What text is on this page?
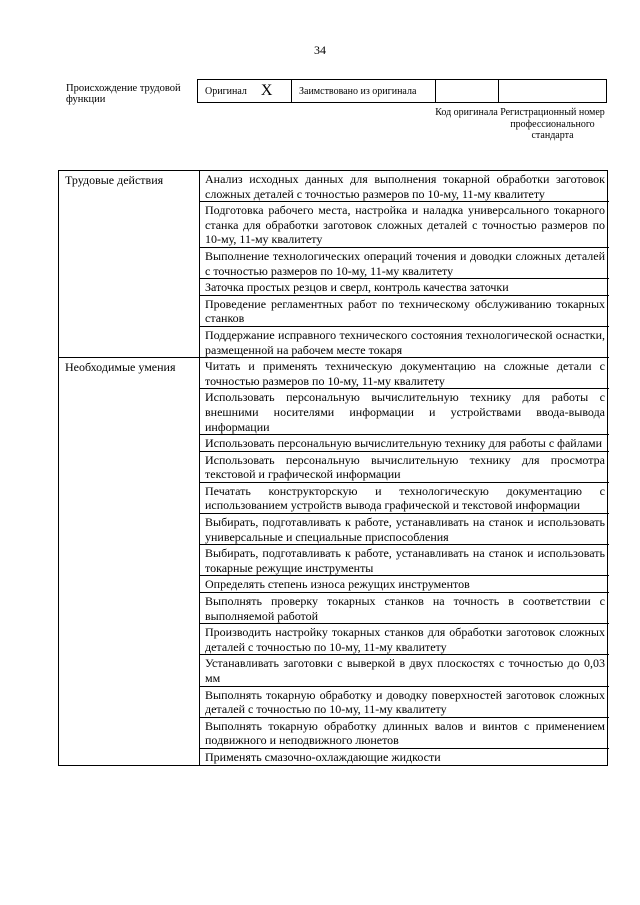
34
Происхождение трудовой функции
Оригинал X	Заимствовано из оригинала
Код оригинала Регистрационный номер профессионального стандарта
Трудовые действия	Анализ исходных данных для выполнения токарной обработки заготовок сложных деталей с точностью размеров по 10-му, 11-му квалитету
Подготовка рабочего места, настройка и наладка универсального токарного станка для обработки заготовок сложных деталей с точностью размеров по 10-му, 11-му квалитету
Выполнение технологических операций точения и доводки сложных деталей с точностью размеров по 10-му, 11-му квалитету
Заточка простых резцов и сверл, контроль качества заточки
Проведение регламентных работ по техническому обслуживанию токарных станков
Поддержание исправного технического состояния технологической оснастки, размещенной на рабочем месте токаря
Необходимые умения	Читать и применять техническую документацию на сложные детали с точностью размеров по 10-му, 11-му квалитету
Использовать персональную вычислительную технику для работы с внешними носителями информации и устройствами ввода-вывода информации
Использовать персональную вычислительную технику для работы с файлами
Использовать персональную вычислительную технику для просмотра текстовой и графической информации
Печатать конструкторскую и технологическую документацию с использованием устройств вывода графической и текстовой информации
Выбирать, подготавливать к работе, устанавливать на станок и использовать универсальные и специальные приспособления
Выбирать, подготавливать к работе, устанавливать на станок и использовать токарные режущие инструменты
Определять степень износа режущих инструментов
Выполнять проверку токарных станков на точность в соответствии с выполняемой работой
Производить настройку токарных станков для обработки заготовок сложных деталей с точностью по 10-му, 11-му квалитету
Устанавливать заготовки с выверкой в двух плоскостях с точностью до 0,03 мм
Выполнять токарную обработку и доводку поверхностей заготовок сложных деталей с точностью по 10-му, 11-му квалитету
Выполнять токарную обработку длинных валов и винтов с применением подвижного и неподвижного люнетов
Применять смазочно-охлаждающие жидкости
